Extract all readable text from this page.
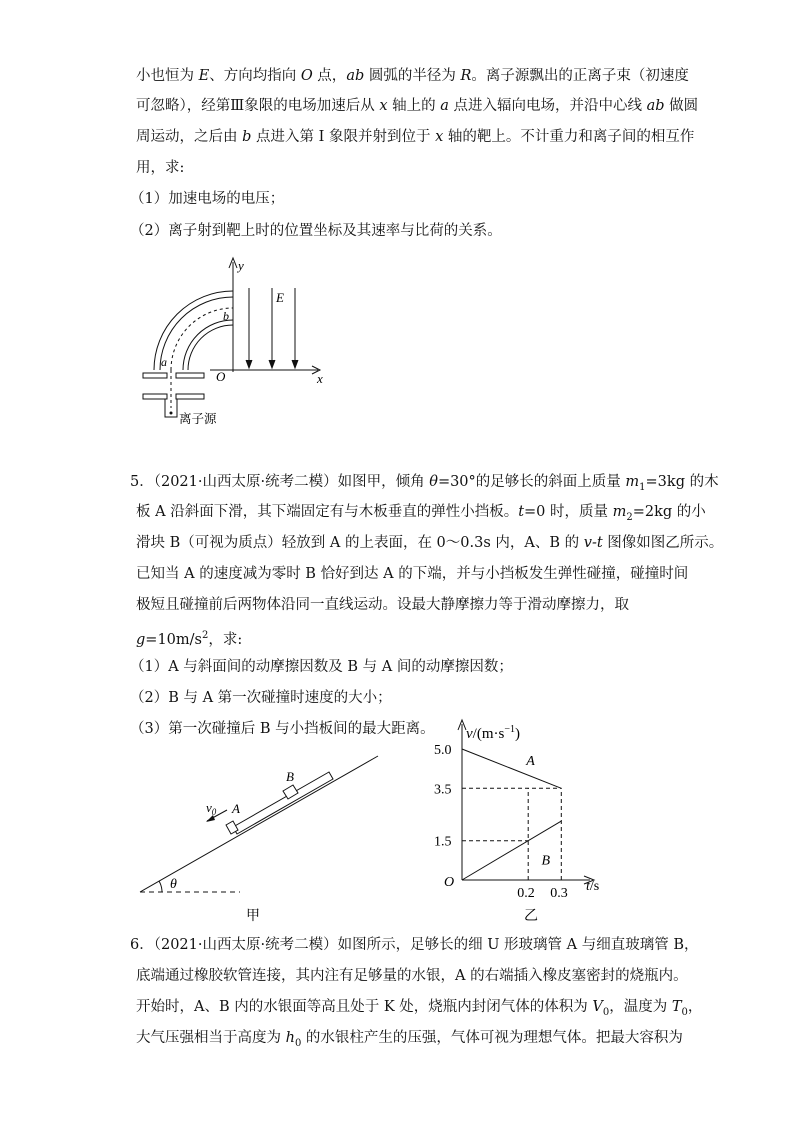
小也恒为 E、方向均指向 O 点，ab 圆弧的半径为 R。离子源飘出的正离子束（初速度
可忽略），经第Ⅲ象限的电场加速后从 x 轴上的 a 点进入辐向电场，并沿中心线 ab 做圆
周运动，之后由 b 点进入第 Ⅰ 象限并射到位于 x 轴的靶上。不计重力和离子间的相互作
用，求:
（1）加速电场的电压；
（2）离子射到靶上时的位置坐标及其速率与比荷的关系。
y
x
O
E
b
a
离子源
5．（2021·山西太原·统考二模）如图甲，倾角 θ=30°的足够长的斜面上质量 $m_1=3kg$ 的木
板 A 沿斜面下滑，其下端固定有与木板垂直的弹性小挡板。t=0 时，质量 $m_2=2kg$ 的小
滑块 B（可视为质点）轻放到 A 的上表面，在 0～0.3s 内，A、B 的 v-t 图像如图乙所示。
已知当 A 的速度减为零时 B 恰好到达 A 的下端，并与小挡板发生弹性碰撞，碰撞时间
极短且碰撞前后两物体沿同一直线运动。设最大静摩擦力等于滑动摩擦力，取
$g=10m/s^2$，求:
（1）A 与斜面间的动摩擦因数及 B 与 A 间的动摩擦因数；
（2）B 与 A 第一次碰撞时速度的大小；
（3）第一次碰撞后 B 与小挡板间的最大距离。
θ
B
A
$v_0$
甲
$v/(m\cdot s^{-1})$
t/s
O
乙
A
B
5.0
3.5
1.5
0.2 0.3
6．（2021·山西太原·统考二模）如图所示，足够长的细 U 形玻璃管 A 与细直玻璃管 B，
底端通过橡胶软管连接，其内注有足够量的水银，A 的右端插入橡皮塞密封的烧瓶内。
开始时，A、B 内的水银面等高且处于 K 处，烧瓶内封闭气体的体积为 $V_0$，温度为 $T_0$，
大气压强相当于高度为 $h_0$ 的水银柱产生的压强，气体可视为理想气体。把最大容积为
